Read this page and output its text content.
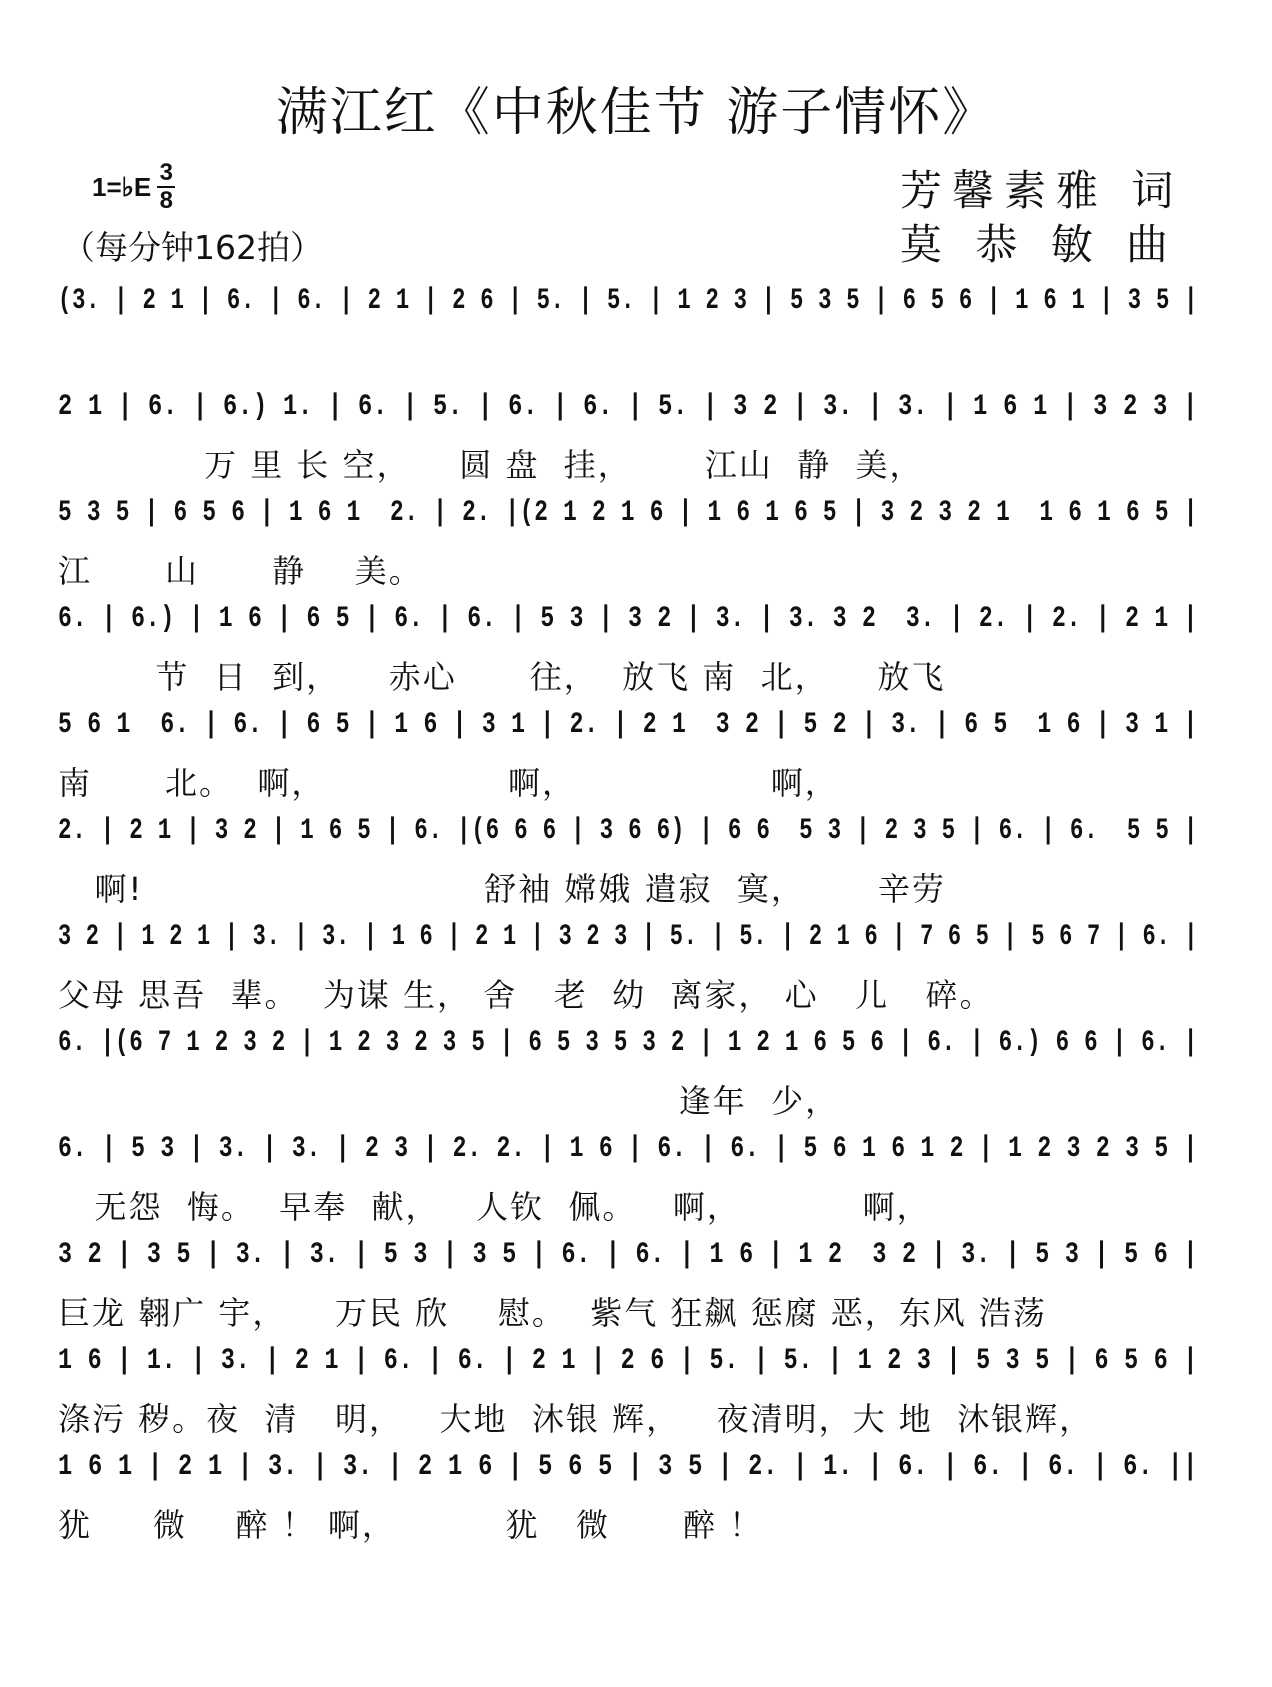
满江红《中秋佳节 游子情怀》
1=♭E $\frac{3}{8}$
（每分钟162拍）
芳馨素雅 词
莫 恭 敏 曲
(3. | 2 1 | 6. | 6. | 2 1 | 2 6 | 5. | 5. | 1 2 3 | 5 3 5 | 6 5 6 | 1 6 1 | 3 5 |
2 1 | 6. | 6.) 1. | 6. | 5. | 6. | 6. | 5. | 3 2 | 3. | 3. | 1 6 1 | 3 2 3 |
万 里 长 空，    圆 盘  挂，      江山  静  美，
5 3 5 | 6 5 6 | 1 6 1  2. | 2. |(2 1 2 1 6 | 1 6 1 6 5 | 3 2 3 2 1  1 6 1 6 5 |
江      山      静    美。
6. | 6.) | 1 6 | 6 5 | 6. | 6. | 5 3 | 3 2 | 3. | 3. 3 2  3. | 2. | 2. | 2 1 |
节  日  到，    赤心      往，  放飞 南  北，    放飞
5 6 1  6. | 6. | 6 5 | 1 6 | 3 1 | 2. | 2 1  3 2 | 5 2 | 3. | 6 5  1 6 | 3 1 |
南      北。  啊，               啊，                啊，
2. | 2 1 | 3 2 | 1 6 5 | 6. |(6 6 6 | 3 6 6) | 6 6  5 3 | 2 3 5 | 6. | 6.  5 5 |
啊!                            舒袖 嫦娥 遣寂  寞，      辛劳
3 2 | 1 2 1 | 3. | 3. | 1 6 | 2 1 | 3 2 3 | 5. | 5. | 2 1 6 | 7 6 5 | 5 6 7 | 6. |
父母 思吾  辈。  为谋 生， 舍   老  幼  离家， 心   儿   碎。
6. |(6 7 1 2 3 2 | 1 2 3 2 3 5 | 6 5 3 5 3 2 | 1 2 1 6 5 6 | 6. | 6.) 6 6 | 6. |
逢年  少，
6. | 5 3 | 3. | 3. | 2 3 | 2. 2. | 1 6 | 6. | 6. | 5 6 1 6 1 2 | 1 2 3 2 3 5 |
无怨  悔。  早奉  献，   人钦  佩。   啊，          啊，
3 2 | 3 5 | 3. | 3. | 5 3 | 3 5 | 6. | 6. | 1 6 | 1 2  3 2 | 3. | 5 3 | 5 6 |
巨龙 翱广 宇，    万民 欣    慰。  紫气 狂飙 惩腐 恶，东风 浩荡
1 6 | 1. | 3. | 2 1 | 6. | 6. | 2 1 | 2 6 | 5. | 5. | 1 2 3 | 5 3 5 | 6 5 6 |
涤污 秽。夜  清   明，   大地  沐银 辉，   夜清明，大 地  沐银辉，
1 6 1 | 2 1 | 3. | 3. | 2 1 6 | 5 6 5 | 3 5 | 2. | 1. | 6. | 6. | 6. | 6. ||
犹     微    醉 ！ 啊，         犹   微      醉 ！
